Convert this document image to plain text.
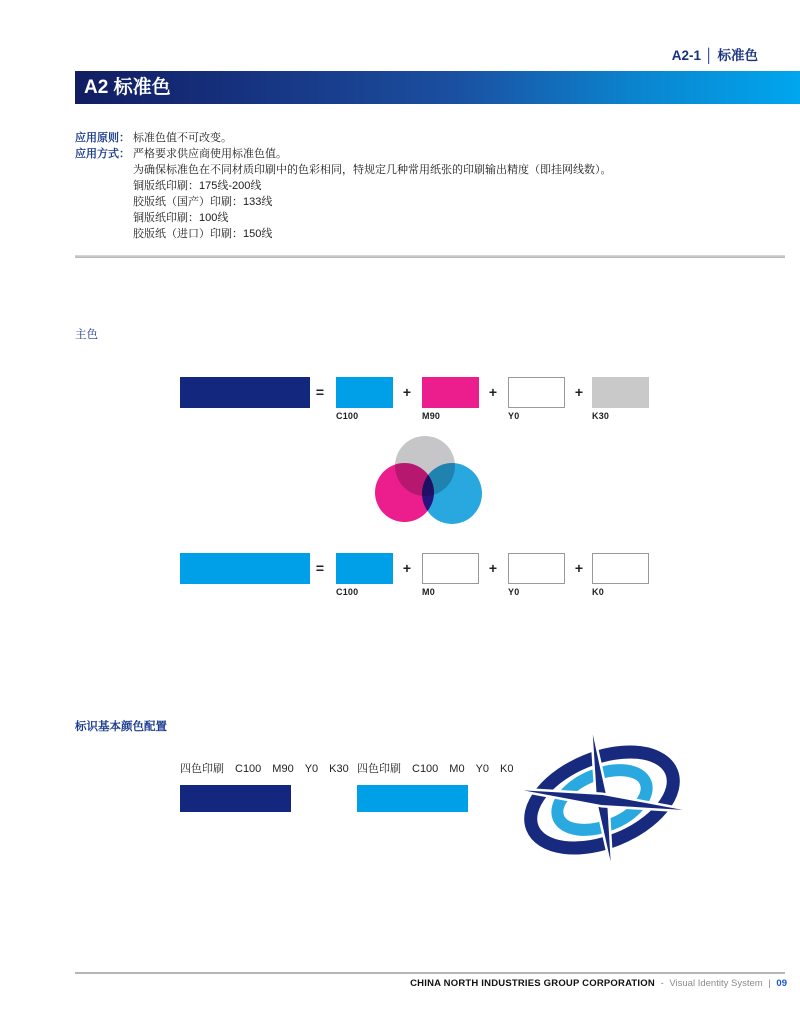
A2-1 │ 标准色
A2 标准色
应用原则： 标准色值不可改变。
应用方式： 严格要求供应商使用标准色值。
为确保标准色在不同材质印刷中的色彩相同，特规定几种常用纸张的印刷输出精度（即挂网线数）。
铜版纸印刷：175线-200线
胶版纸（国产）印刷：133线
铜版纸印刷：100线
胶版纸（进口）印刷：150线
主色
=
C100
+
M90
+
Y0
+
K30
=
C100
+
M0
+
Y0
+
K0
标识基本颜色配置
四色印刷 C100 M90 Y0 K30 四色印刷 C100 M0 Y0 K0
CHINA NORTH INDUSTRIES GROUP CORPORATION - Visual Identity System | 09
